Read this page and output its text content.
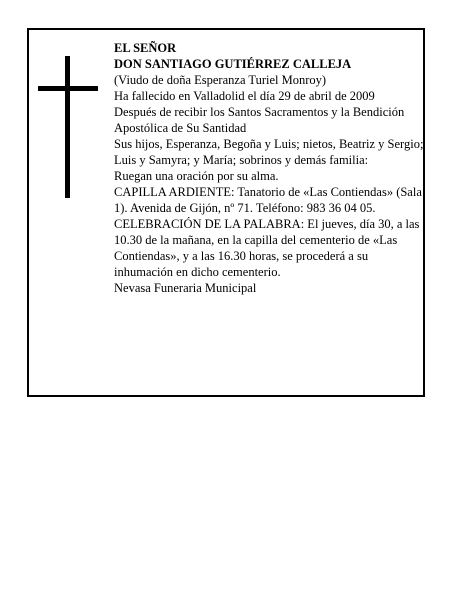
EL SEÑOR

DON SANTIAGO GUTIÉRREZ CALLEJA

(Viudo de doña Esperanza Turiel Monroy)

Ha fallecido en Valladolid el día 29 de abril de 2009

Después de recibir los Santos Sacramentos y la Bendición Apostólica de Su Santidad

Sus hijos, Esperanza, Begoña y Luis; nietos, Beatriz y Sergio; Luis y Samyra; y María; sobrinos y demás familia:

Ruegan una oración por su alma.

CAPILLA ARDIENTE: Tanatorio de «Las Contiendas» (Sala 1). Avenida de Gijón, nº 71. Teléfono: 983 36 04 05.

CELEBRACIÓN DE LA PALABRA: El jueves, día 30, a las 10.30 de la mañana, en la capilla del cementerio de «Las Contiendas», y a las 16.30 horas, se procederá a su inhumación en dicho cementerio.

Nevasa Funeraria Municipal
